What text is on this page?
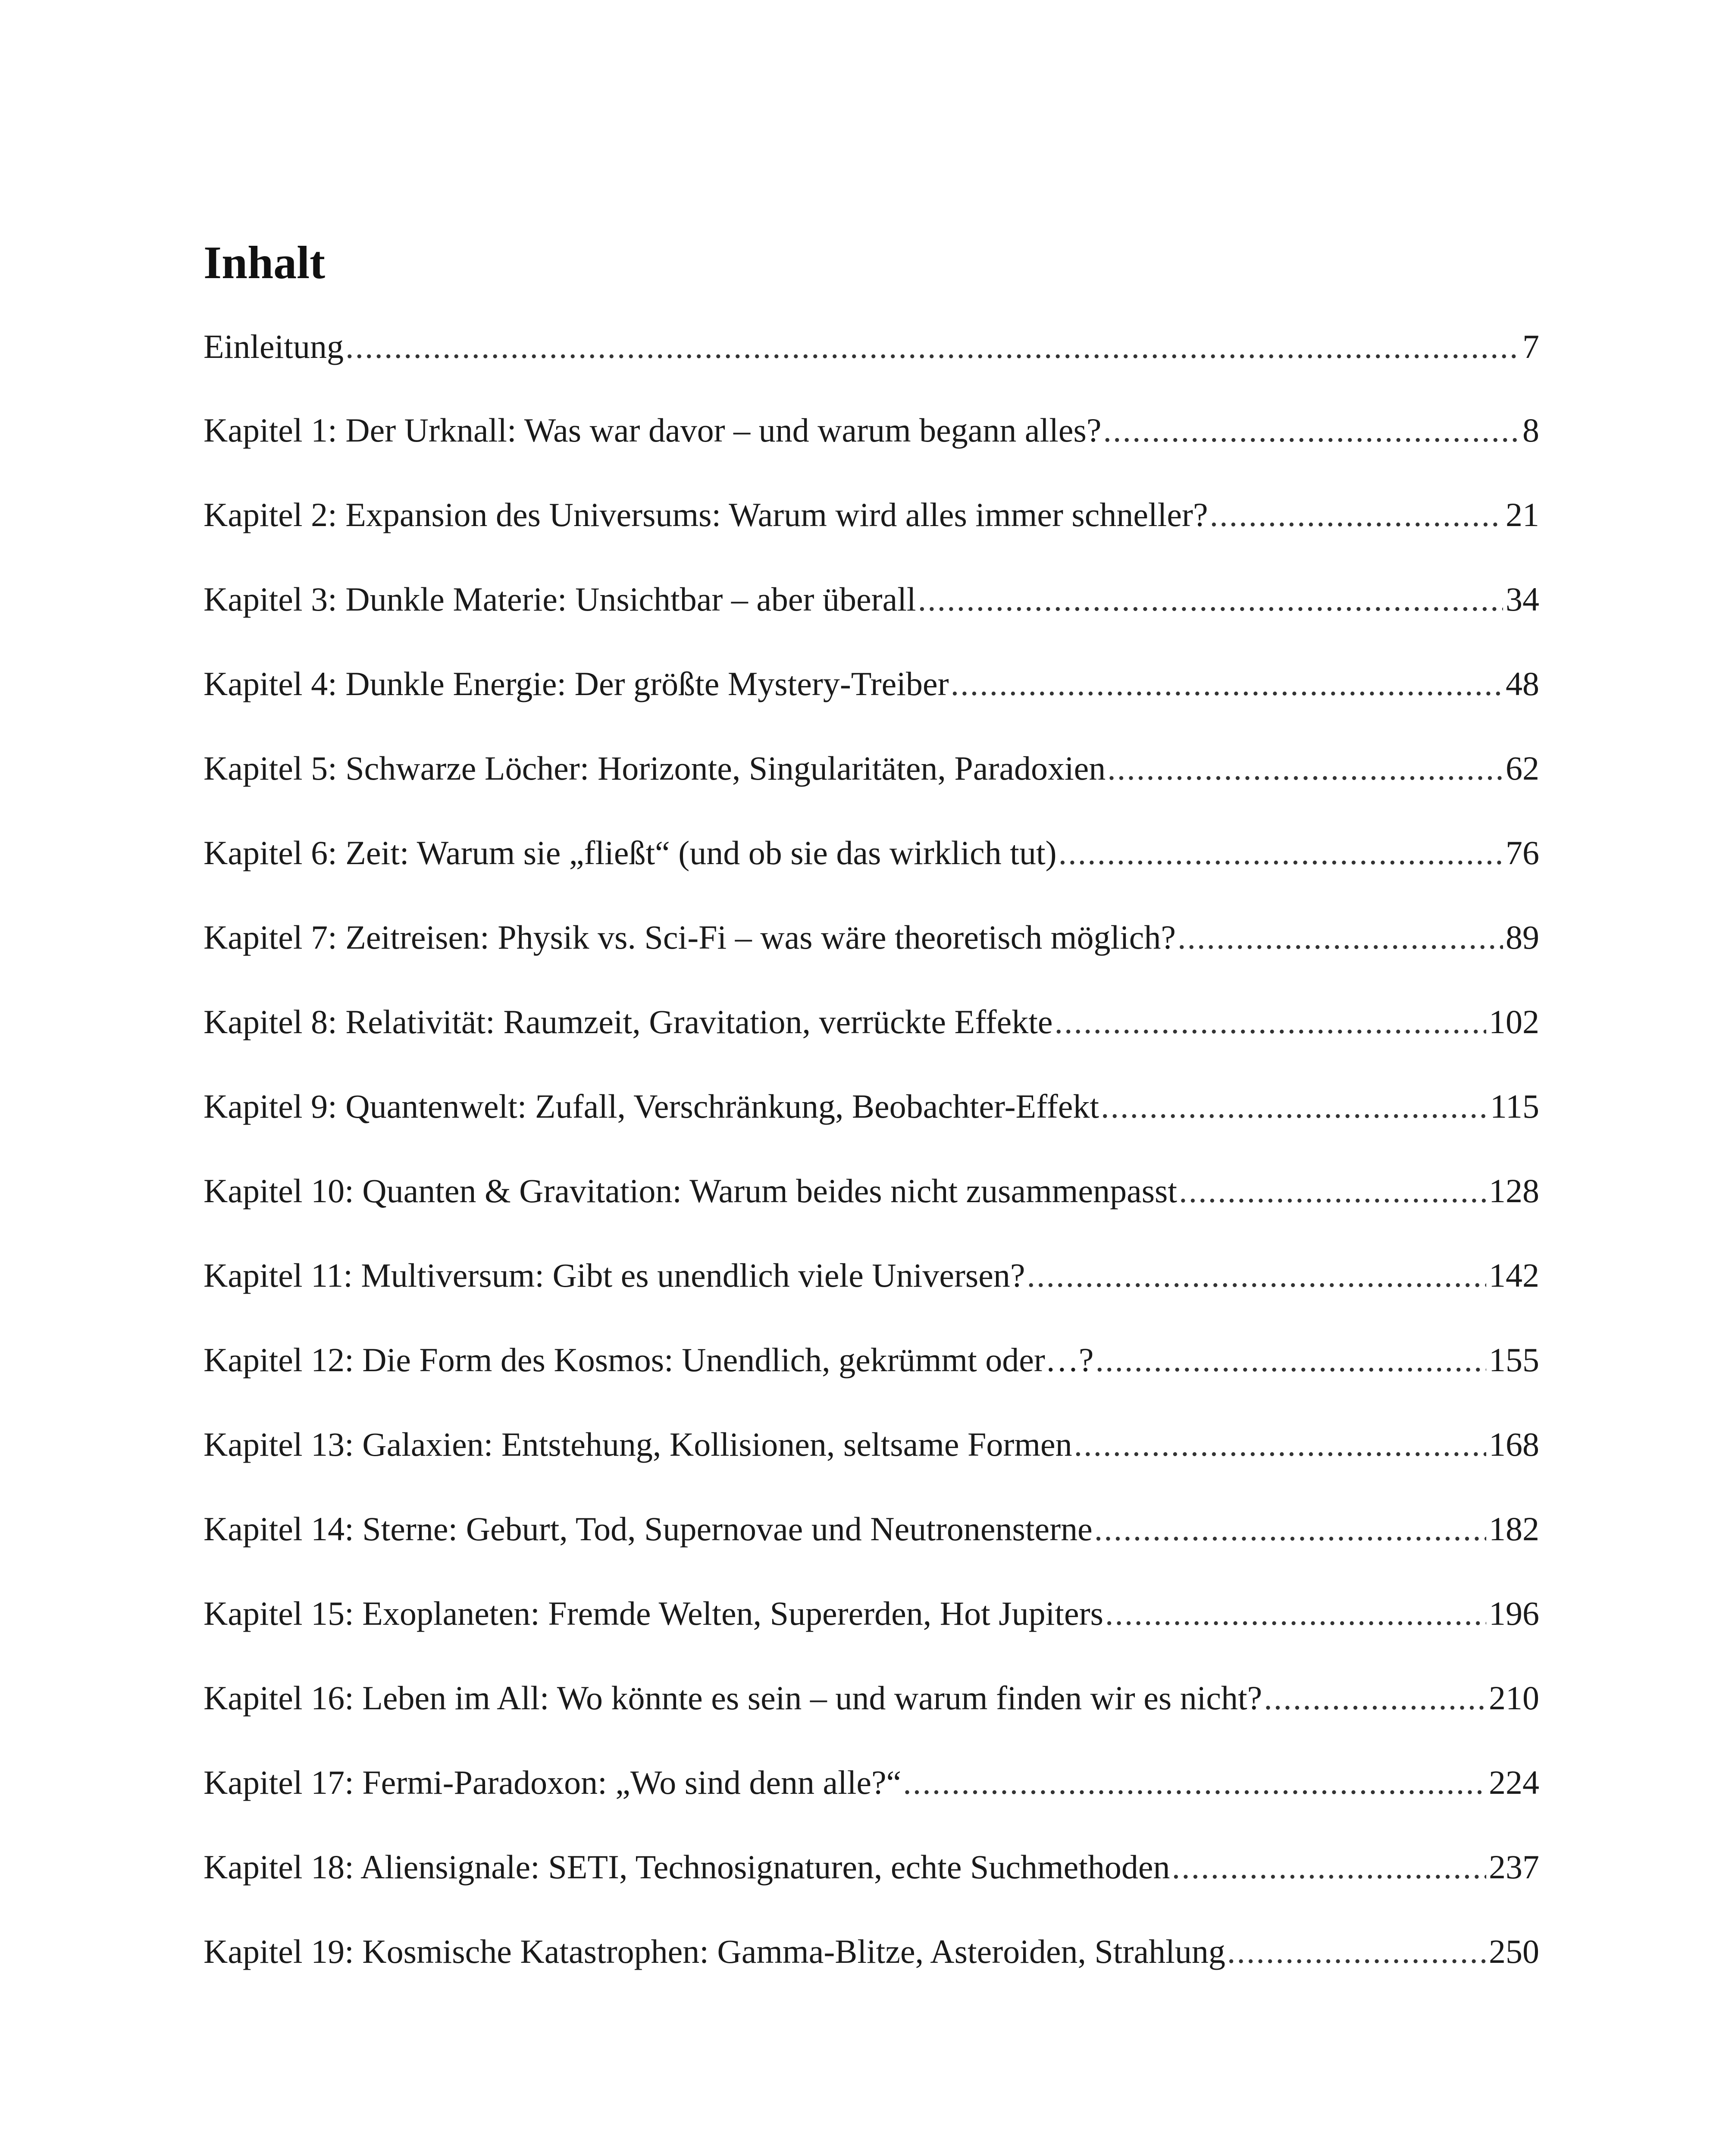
Inhalt
Einleitung .....	7
Kapitel 1: Der Urknall: Was war davor – und warum begann alles? .....	8
Kapitel 2: Expansion des Universums: Warum wird alles immer schneller? .....	21
Kapitel 3: Dunkle Materie: Unsichtbar – aber überall .....	34
Kapitel 4: Dunkle Energie: Der größte Mystery-Treiber .....	48
Kapitel 5: Schwarze Löcher: Horizonte, Singularitäten, Paradoxien .....	62
Kapitel 6: Zeit: Warum sie „fließt“ (und ob sie das wirklich tut) .....	76
Kapitel 7: Zeitreisen: Physik vs. Sci-Fi – was wäre theoretisch möglich? .....	89
Kapitel 8: Relativität: Raumzeit, Gravitation, verrückte Effekte .....	102
Kapitel 9: Quantenwelt: Zufall, Verschränkung, Beobachter-Effekt .....	115
Kapitel 10: Quanten & Gravitation: Warum beides nicht zusammenpasst .....	128
Kapitel 11: Multiversum: Gibt es unendlich viele Universen? .....	142
Kapitel 12: Die Form des Kosmos: Unendlich, gekrümmt oder…? .....	155
Kapitel 13: Galaxien: Entstehung, Kollisionen, seltsame Formen .....	168
Kapitel 14: Sterne: Geburt, Tod, Supernovae und Neutronensterne .....	182
Kapitel 15: Exoplaneten: Fremde Welten, Supererden, Hot Jupiters .....	196
Kapitel 16: Leben im All: Wo könnte es sein – und warum finden wir es nicht? .....	210
Kapitel 17: Fermi-Paradoxon: „Wo sind denn alle?“ .....	224
Kapitel 18: Aliensignale: SETI, Technosignaturen, echte Suchmethoden .....	237
Kapitel 19: Kosmische Katastrophen: Gamma-Blitze, Asteroiden, Strahlung .....	250
